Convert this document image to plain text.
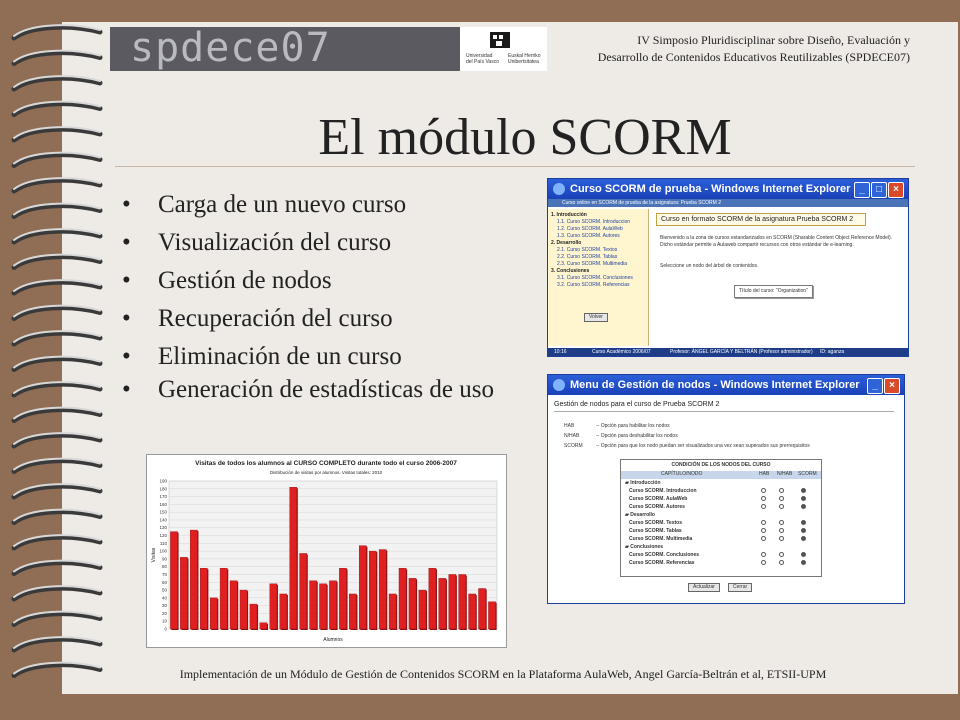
spdece07	Universidad
del País Vasco
Euskal Herriko
Unibertsitatea
IV Simposio Pluridisciplinar sobre Diseño, Evaluación y
Desarrollo de Contenidos Educativos Reutilizables (SPDECE07)
El módulo SCORM
• Carga de un nuevo curso
• Visualización del curso
• Gestión de nodos
• Recuperación del curso
• Eliminación de un curso
• Generación de estadísticas de uso
Curso SCORM de prueba - Windows Internet Explorer _	□	×
Curso online en SCORM de prueba de la asignatura: Prueba SCORM 2
1. Introducción
1.1. Curso SCORM. Introduccion
1.2. Curso SCORM. AulaWeb
1.3. Curso SCORM. Autores
2. Desarrollo
2.1. Curso SCORM. Textos
2.2. Curso SCORM. Tablas
2.3. Curso SCORM. Multimedia
3. Conclusiones
3.1. Curso SCORM. Conclusiones
3.2. Curso SCORM. Referencias
Volver
Curso en formato SCORM de la asignatura Prueba SCORM 2
Bienvenido a la zona de cursos estandarizados en SCORM (Sharable Content Object Reference Model). Dicho estándar permite a Aulaweb compartir recursos con otros estándar de e-learning.
Seleccione un nodo del árbol de contenidos.
Título del curso: "Organization"
10:16	Curso Académico 2006/07	Profesor: ÁNGEL GARCÍA Y BELTRÁN (Profesor administrador) ID: aganza
Menu de Gestión de nodos - Windows Internet Explorer	_	×
Gestión de nodos para el curso de Prueba SCORM 2
HAB	-- Opción para habilitar los nodos
N/HAB	-- Opción para deshabilitar los nodos
SCORM	-- Opción para que los nodo puedan ser visualizados una vez sean superados sus prerrequisitos
CONDICIÓN DE LOS NODOS DEL CURSO
CAPÍTULO/NODO	HAB N/HAB SCORM
▰ Introducción
Curso SCORM. Introduccion
Curso SCORM. AulaWeb
Curso SCORM. Autores
▰ Desarrollo
Curso SCORM. Textos
Curso SCORM. Tablas
Curso SCORM. Multimedia
▰ Conclusiones
Curso SCORM. Conclusiones
Curso SCORM. Referencias
Actualizar	Cerrar
Visitas de todos los alumnos al CURSO COMPLETO durante todo el curso 2006-2007
Distribución de visitas por alumnos. Visitas totales: 2010
0
10
20
30
40
50
60
70
80
90
100
110
120
130
140
150
160
170
180
190
Alumnos
Visitas
Implementación de un Módulo de Gestión de Contenidos SCORM en la Plataforma AulaWeb, Angel García-Beltrán et al, ETSII-UPM
